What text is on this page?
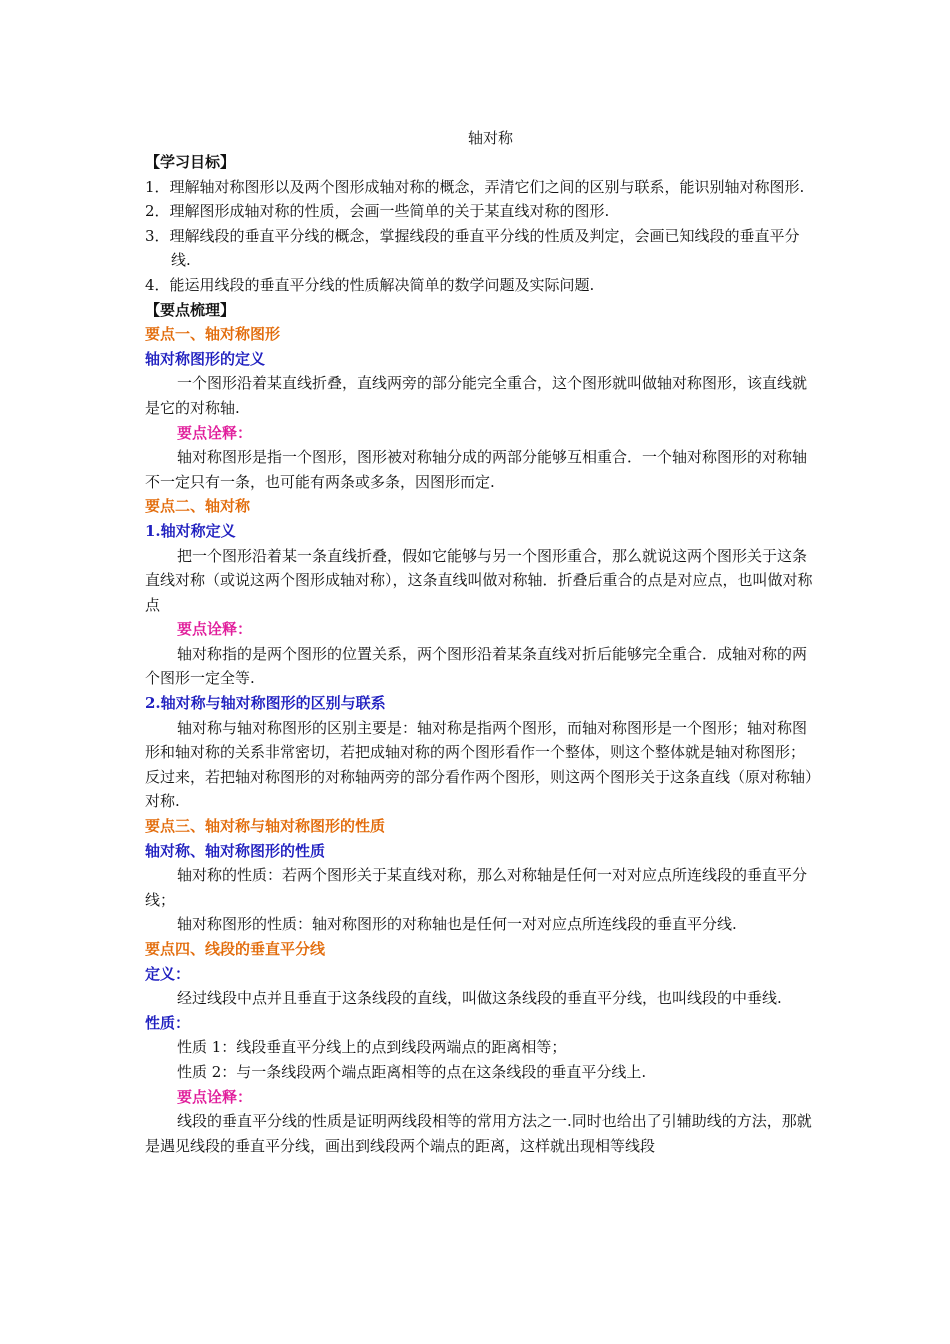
轴对称
【学习目标】
1．理解轴对称图形以及两个图形成轴对称的概念，弄清它们之间的区别与联系，能识别轴对称图形.
2．理解图形成轴对称的性质，会画一些简单的关于某直线对称的图形.
3．理解线段的垂直平分线的概念，掌握线段的垂直平分线的性质及判定，会画已知线段的垂直平分线.
4．能运用线段的垂直平分线的性质解决简单的数学问题及实际问题.
【要点梳理】
要点一、轴对称图形
轴对称图形的定义
一个图形沿着某直线折叠，直线两旁的部分能完全重合，这个图形就叫做轴对称图形，该直线就是它的对称轴.
要点诠释：
轴对称图形是指一个图形，图形被对称轴分成的两部分能够互相重合．一个轴对称图形的对称轴不一定只有一条，也可能有两条或多条，因图形而定.
要点二、轴对称
1.轴对称定义
把一个图形沿着某一条直线折叠，假如它能够与另一个图形重合，那么就说这两个图形关于这条直线对称（或说这两个图形成轴对称），这条直线叫做对称轴．折叠后重合的点是对应点，也叫做对称点
要点诠释：
轴对称指的是两个图形的位置关系，两个图形沿着某条直线对折后能够完全重合．成轴对称的两个图形一定全等.
2.轴对称与轴对称图形的区别与联系
轴对称与轴对称图形的区别主要是：轴对称是指两个图形，而轴对称图形是一个图形；轴对称图形和轴对称的关系非常密切，若把成轴对称的两个图形看作一个整体，则这个整体就是轴对称图形；反过来，若把轴对称图形的对称轴两旁的部分看作两个图形，则这两个图形关于这条直线（原对称轴）对称.
要点三、轴对称与轴对称图形的性质
轴对称、轴对称图形的性质
轴对称的性质：若两个图形关于某直线对称，那么对称轴是任何一对对应点所连线段的垂直平分线；
轴对称图形的性质：轴对称图形的对称轴也是任何一对对应点所连线段的垂直平分线.
要点四、线段的垂直平分线
定义：
经过线段中点并且垂直于这条线段的直线，叫做这条线段的垂直平分线，也叫线段的中垂线.
性质：
性质 1：线段垂直平分线上的点到线段两端点的距离相等；
性质 2：与一条线段两个端点距离相等的点在这条线段的垂直平分线上.
要点诠释：
线段的垂直平分线的性质是证明两线段相等的常用方法之一.同时也给出了引辅助线的方法，那就是遇见线段的垂直平分线，画出到线段两个端点的距离，这样就出现相等线段
